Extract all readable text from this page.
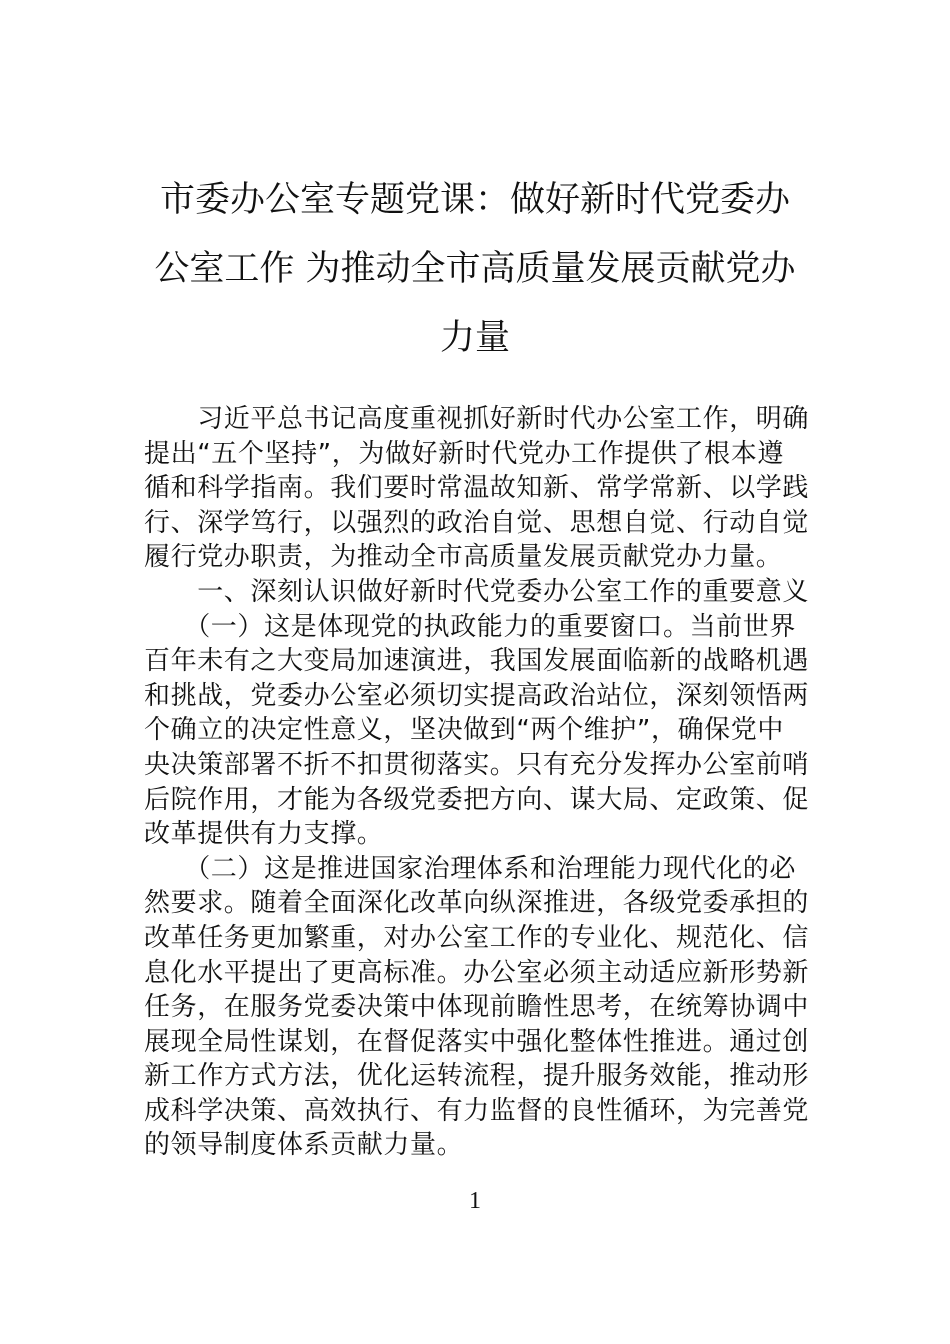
市委办公室专题党课：做好新时代党委办
公室工作 为推动全市高质量发展贡献党办
力量
　　习近平总书记高度重视抓好新时代办公室工作，明确
提出“五个坚持”，为做好新时代党办工作提供了根本遵
循和科学指南。我们要时常温故知新、常学常新、以学践
行、深学笃行，以强烈的政治自觉、思想自觉、行动自觉
履行党办职责，为推动全市高质量发展贡献党办力量。
　　一、深刻认识做好新时代党委办公室工作的重要意义
　　（一）这是体现党的执政能力的重要窗口。当前世界
百年未有之大变局加速演进，我国发展面临新的战略机遇
和挑战，党委办公室必须切实提高政治站位，深刻领悟两
个确立的决定性意义，坚决做到“两个维护”，确保党中
央决策部署不折不扣贯彻落实。只有充分发挥办公室前哨
后院作用，才能为各级党委把方向、谋大局、定政策、促
改革提供有力支撑。
　　（二）这是推进国家治理体系和治理能力现代化的必
然要求。随着全面深化改革向纵深推进，各级党委承担的
改革任务更加繁重，对办公室工作的专业化、规范化、信
息化水平提出了更高标准。办公室必须主动适应新形势新
任务，在服务党委决策中体现前瞻性思考，在统筹协调中
展现全局性谋划，在督促落实中强化整体性推进。通过创
新工作方式方法，优化运转流程，提升服务效能，推动形
成科学决策、高效执行、有力监督的良性循环，为完善党
的领导制度体系贡献力量。
1
